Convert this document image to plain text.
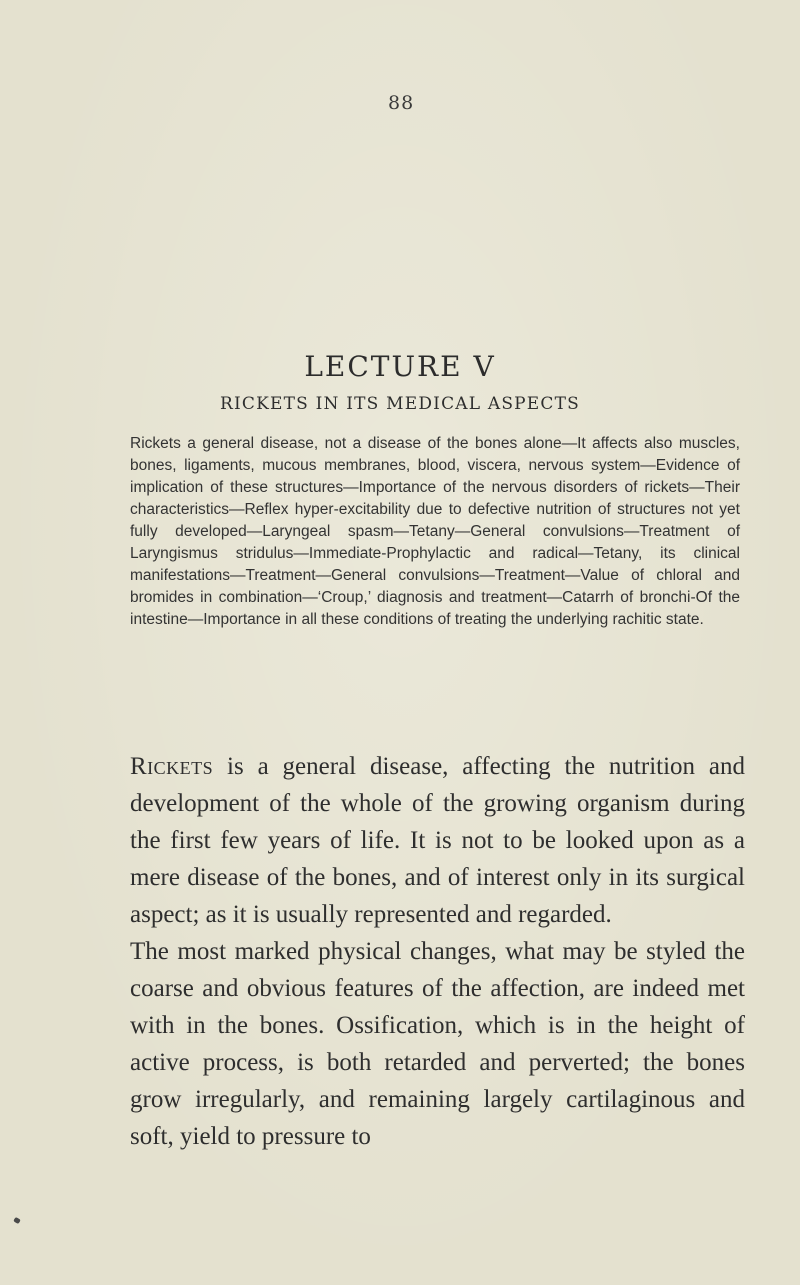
88
LECTURE V
RICKETS IN ITS MEDICAL ASPECTS

Rickets a general disease, not a disease of the bones alone—It affects also muscles, bones, ligaments, mucous membranes, blood, viscera, nervous system—Evidence of implication of these structures—Importance of the nervous disorders of rickets—Their characteristics—Reflex hyper-excitability due to defective nutrition of structures not yet fully developed—Laryngeal spasm—Tetany—General convulsions—Treatment of Laryngismus stridulus—Immediate-Prophylactic and radical—Tetany, its clinical manifestations—Treatment—General convulsions—Treatment—Value of chloral and bromides in combination—‘Croup,’ diagnosis and treatment—Catarrh of bronchi-Of the intestine—Importance in all these conditions of treating the underlying rachitic state.

Rickets is a general disease, affecting the nutrition and development of the whole of the growing organism during the first few years of life. It is not to be looked upon as a mere disease of the bones, and of interest only in its surgical aspect; as it is usually represented and regarded.

The most marked physical changes, what may be styled the coarse and obvious features of the affection, are indeed met with in the bones. Ossification, which is in the height of active process, is both retarded and perverted; the bones grow irregularly, and remaining largely cartilaginous and soft, yield to pressure to
